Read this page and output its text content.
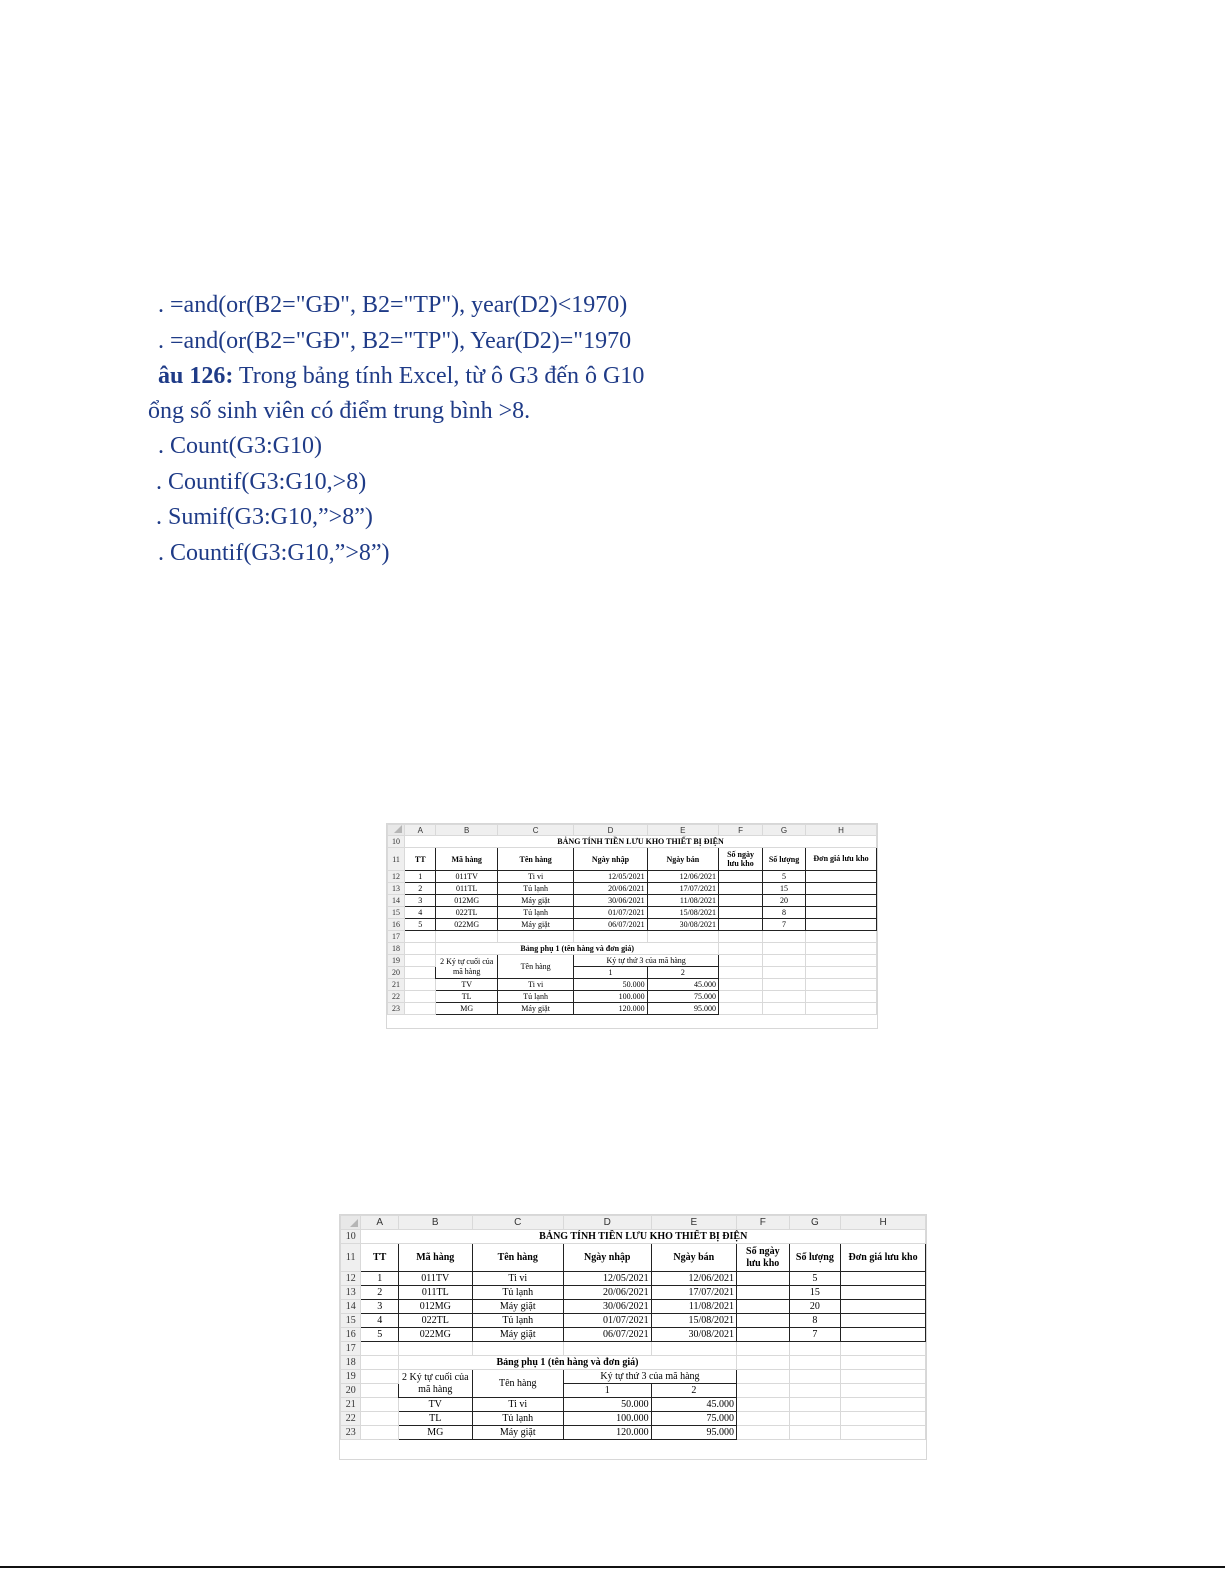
. =and(or(B2="GĐ", B2="TP"), year(D2)<1970)
. =and(or(B2="GĐ", B2="TP"), Year(D2)="1970
âu 126: Trong bảng tính Excel, từ ô G3 đến ô G10
ổng số sinh viên có điểm trung bình >8.
. Count(G3:G10)
. Countif(G3:G10,>8)
. Sumif(G3:G10,”>8”)
. Countif(G3:G10,”>8”)
	A	B	C	D	E	F	G	H
10	BẢNG TÍNH TIỀN LƯU KHO THIẾT BỊ ĐIỆN							
11	TT	Mã hàng	Tên hàng	Ngày nhập	Ngày bán	Số ngày lưu kho	Số lượng	Đơn giá lưu kho
12	1	011TV	Ti vi	12/05/2021	12/06/2021		5	
13	2	011TL	Tủ lạnh	20/06/2021	17/07/2021		15	
14	3	012MG	Máy giặt	30/06/2021	11/08/2021		20	
15	4	022TL	Tủ lạnh	01/07/2021	15/08/2021		8	
16	5	022MG	Máy giặt	06/07/2021	30/08/2021		7	
17								
18		Bảng phụ 1 (tên hàng và đơn giá)						
19		2 Ký tự cuối của mã hàng	Tên hàng	Ký tự thứ 3 của mã hàng				
20				1	2			
21		TV	Ti vi	50.000	45.000			
22		TL	Tủ lạnh	100.000	75.000			
23		MG	Máy giặt	120.000	95.000			
	A	B	C	D	E	F	G	H
10	BẢNG TÍNH TIỀN LƯU KHO THIẾT BỊ ĐIỆN							
11	TT	Mã hàng	Tên hàng	Ngày nhập	Ngày bán	Số ngày lưu kho	Số lượng	Đơn giá lưu kho
12	1	011TV	Ti vi	12/05/2021	12/06/2021		5	
13	2	011TL	Tủ lạnh	20/06/2021	17/07/2021		15	
14	3	012MG	Máy giặt	30/06/2021	11/08/2021		20	
15	4	022TL	Tủ lạnh	01/07/2021	15/08/2021		8	
16	5	022MG	Máy giặt	06/07/2021	30/08/2021		7	
17								
18		Bảng phụ 1 (tên hàng và đơn giá)						
19		2 Ký tự cuối của mã hàng	Tên hàng	Ký tự thứ 3 của mã hàng				
20				1	2			
21		TV	Ti vi	50.000	45.000			
22		TL	Tủ lạnh	100.000	75.000			
23		MG	Máy giặt	120.000	95.000			
